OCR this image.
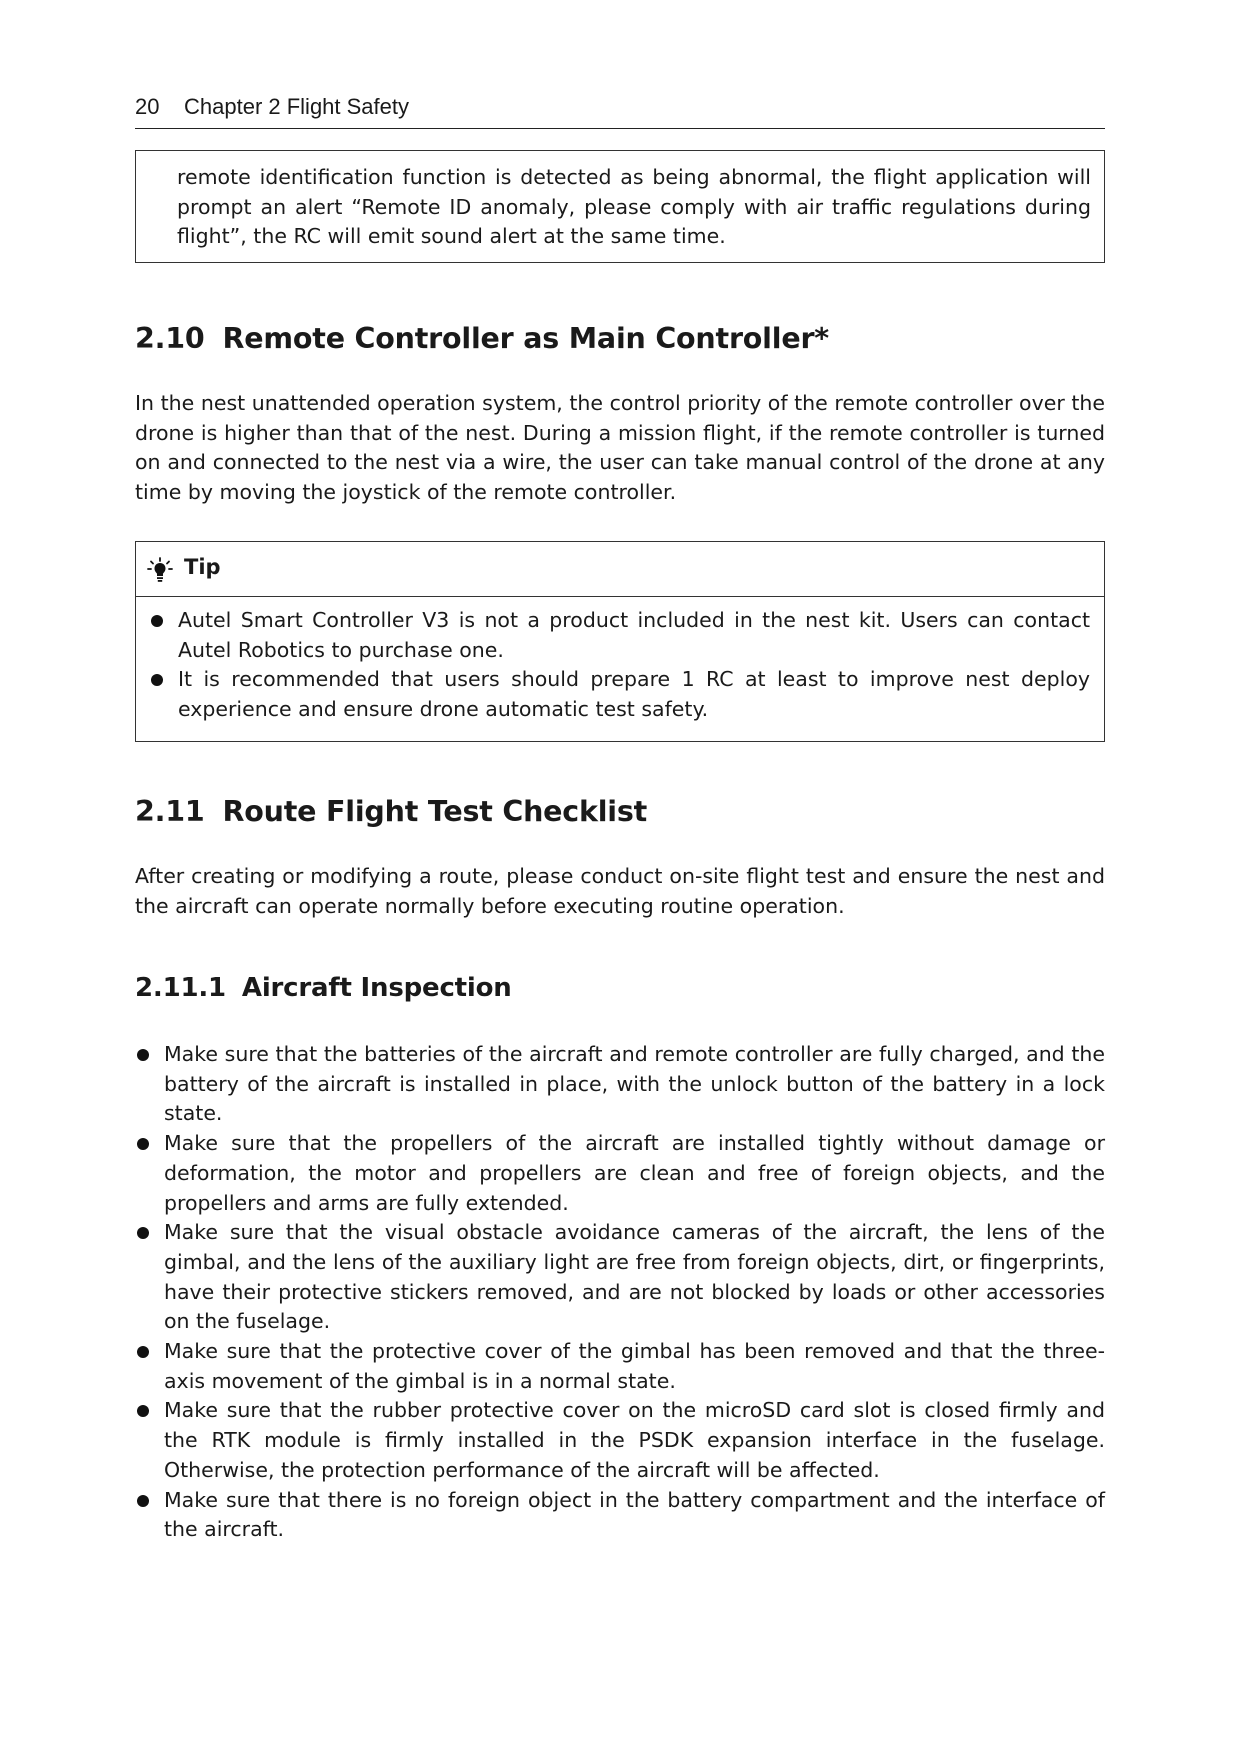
20 Chapter 2 Flight Safety

remote identification function is detected as being abnormal, the flight application will prompt an alert “Remote ID anomaly, please comply with air traffic regulations during flight”, the RC will emit sound alert at the same time.

2.10 Remote Controller as Main Controller*

In the nest unattended operation system, the control priority of the remote controller over the drone is higher than that of the nest. During a mission flight, if the remote controller is turned on and connected to the nest via a wire, the user can take manual control of the drone at any time by moving the joystick of the remote controller.

Tip
Autel Smart Controller V3 is not a product included in the nest kit. Users can contact Autel Robotics to purchase one.
It is recommended that users should prepare 1 RC at least to improve nest deploy experience and ensure drone automatic test safety.
2.11 Route Flight Test Checklist

After creating or modifying a route, please conduct on-site flight test and ensure the nest and the aircraft can operate normally before executing routine operation.

2.11.1 Aircraft Inspection
Make sure that the batteries of the aircraft and remote controller are fully charged, and the battery of the aircraft is installed in place, with the unlock button of the battery in a lock state.
Make sure that the propellers of the aircraft are installed tightly without damage or deformation, the motor and propellers are clean and free of foreign objects, and the propellers and arms are fully extended.
Make sure that the visual obstacle avoidance cameras of the aircraft, the lens of the gimbal, and the lens of the auxiliary light are free from foreign objects, dirt, or fingerprints, have their protective stickers removed, and are not blocked by loads or other accessories on the fuselage.
Make sure that the protective cover of the gimbal has been removed and that the three-axis movement of the gimbal is in a normal state.
Make sure that the rubber protective cover on the microSD card slot is closed firmly and the RTK module is firmly installed in the PSDK expansion interface in the fuselage. Otherwise, the protection performance of the aircraft will be affected.
Make sure that there is no foreign object in the battery compartment and the interface of the aircraft.
